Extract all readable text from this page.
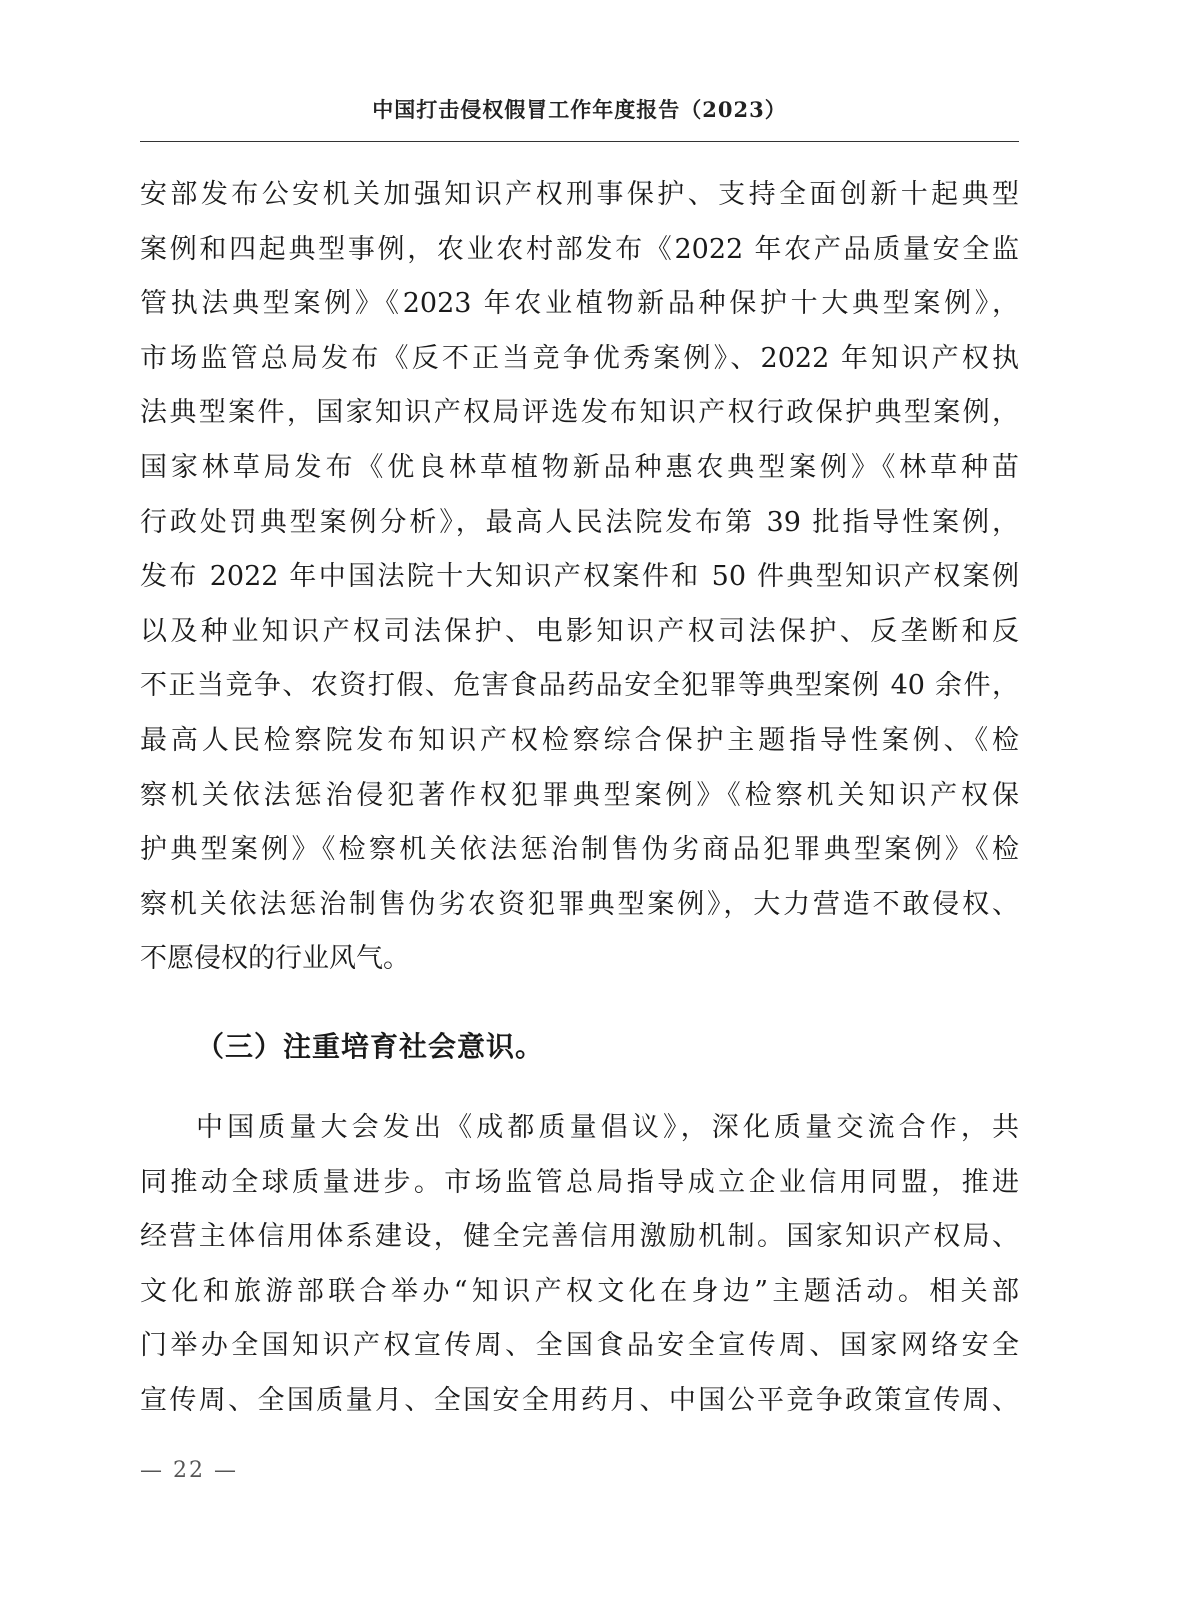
中国打击侵权假冒工作年度报告（2023）
安部发布公安机关加强知识产权刑事保护、支持全面创新十起典型
案例和四起典型事例，农业农村部发布《2022 年农产品质量安全监
管执法典型案例》《2023 年农业植物新品种保护十大典型案例》，
市场监管总局发布《反不正当竞争优秀案例》、2022 年知识产权执
法典型案件，国家知识产权局评选发布知识产权行政保护典型案例，
国家林草局发布《优良林草植物新品种惠农典型案例》《林草种苗
行政处罚典型案例分析》，最高人民法院发布第 39 批指导性案例，
发布 2022 年中国法院十大知识产权案件和 50 件典型知识产权案例
以及种业知识产权司法保护、电影知识产权司法保护、反垄断和反
不正当竞争、农资打假、危害食品药品安全犯罪等典型案例 40 余件，
最高人民检察院发布知识产权检察综合保护主题指导性案例、《检
察机关依法惩治侵犯著作权犯罪典型案例》《检察机关知识产权保
护典型案例》《检察机关依法惩治制售伪劣商品犯罪典型案例》《检
察机关依法惩治制售伪劣农资犯罪典型案例》，大力营造不敢侵权、
不愿侵权的行业风气。
（三）注重培育社会意识。
中国质量大会发出《成都质量倡议》，深化质量交流合作，共
同推动全球质量进步。市场监管总局指导成立企业信用同盟，推进
经营主体信用体系建设，健全完善信用激励机制。国家知识产权局、
文化和旅游部联合举办“知识产权文化在身边”主题活动。相关部
门举办全国知识产权宣传周、全国食品安全宣传周、国家网络安全
宣传周、全国质量月、全国安全用药月、中国公平竞争政策宣传周、
— 22 —
